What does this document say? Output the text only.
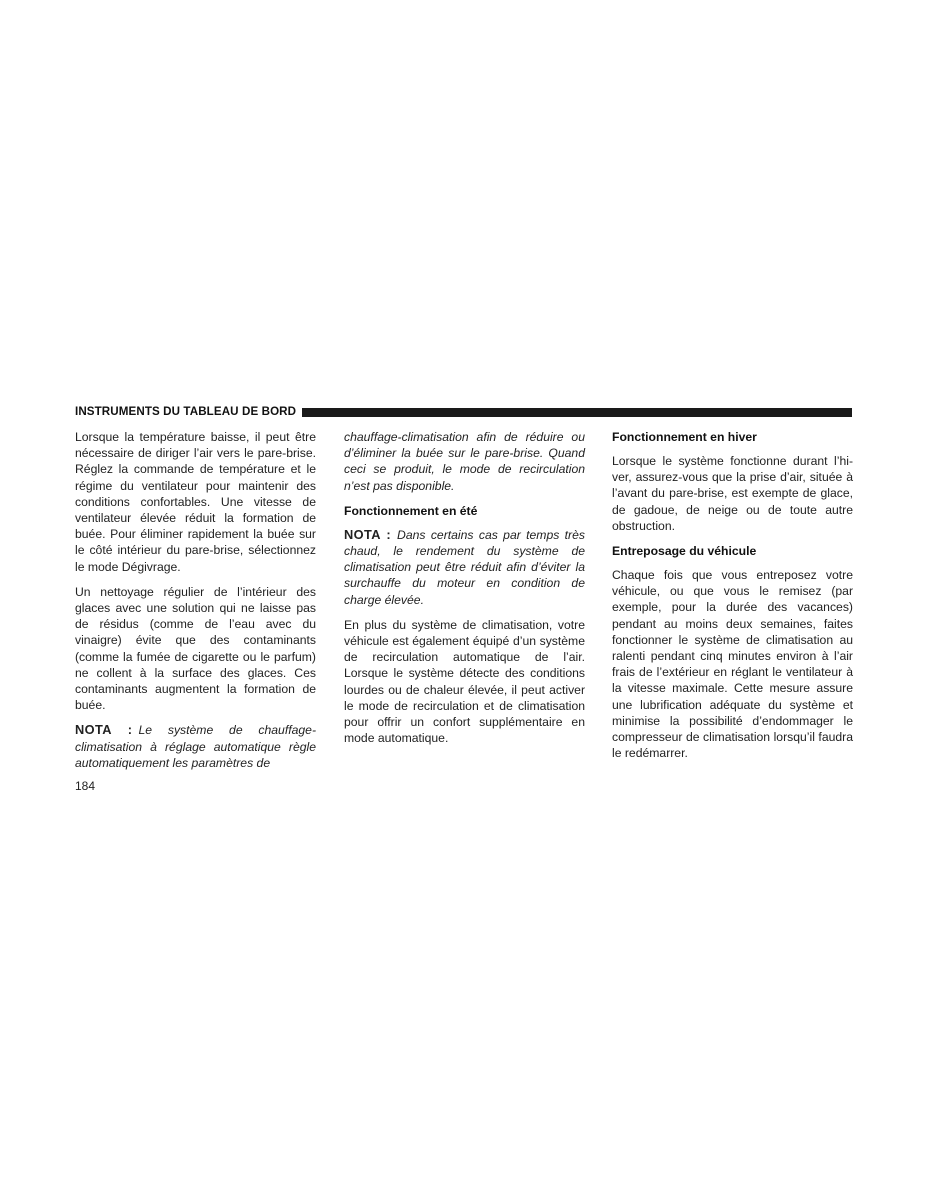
INSTRUMENTS DU TABLEAU DE BORD

Lorsque la température baisse, il peut être nécessaire de diriger l’air vers le pare-brise. Réglez la commande de température et le régime du ventilateur pour maintenir des conditions confortables. Une vitesse de ventilateur élevée réduit la formation de buée. Pour éliminer rapidement la buée sur le côté intérieur du pare-brise, sélectionnez le mode Dégivrage.

Un nettoyage régulier de l’intérieur des glaces avec une solution qui ne laisse pas de résidus (comme de l’eau avec du vinaigre) évite que des contaminants (comme la fumée de cigarette ou le parfum) ne collent à la surface des glaces. Ces contaminants augmentent la formation de buée.

NOTA : Le système de chauffage-climatisation à réglage automatique règle automatiquement les paramètres de

chauffage-climatisation afin de réduire ou d’éliminer la buée sur le pare-brise. Quand ceci se produit, le mode de recirculation n’est pas disponible.

Fonctionnement en été

NOTA : Dans certains cas par temps très chaud, le rendement du système de climatisation peut être réduit afin d’éviter la surchauffe du moteur en condition de charge élevée.

En plus du système de climatisation, votre véhicule est également équipé d’un système de recirculation automatique de l’air. Lorsque le système détecte des conditions lourdes ou de chaleur élevée, il peut activer le mode de recirculation et de climatisation pour offrir un confort supplémentaire en mode automatique.

Fonctionnement en hiver

Lorsque le système fonctionne durant l’hiver, assurez-vous que la prise d’air, située à l’avant du pare-brise, est exempte de glace, de gadoue, de neige ou de toute autre obstruction.

Entreposage du véhicule

Chaque fois que vous entreposez votre véhicule, ou que vous le remisez (par exemple, pour la durée des vacances) pendant au moins deux semaines, faites fonctionner le système de climatisation au ralenti pendant cinq minutes environ à l’air frais de l’extérieur en réglant le ventilateur à la vitesse maximale. Cette mesure assure une lubrification adéquate du système et minimise la possibilité d’endommager le compresseur de climatisation lorsqu’il faudra le redémarrer.

184
